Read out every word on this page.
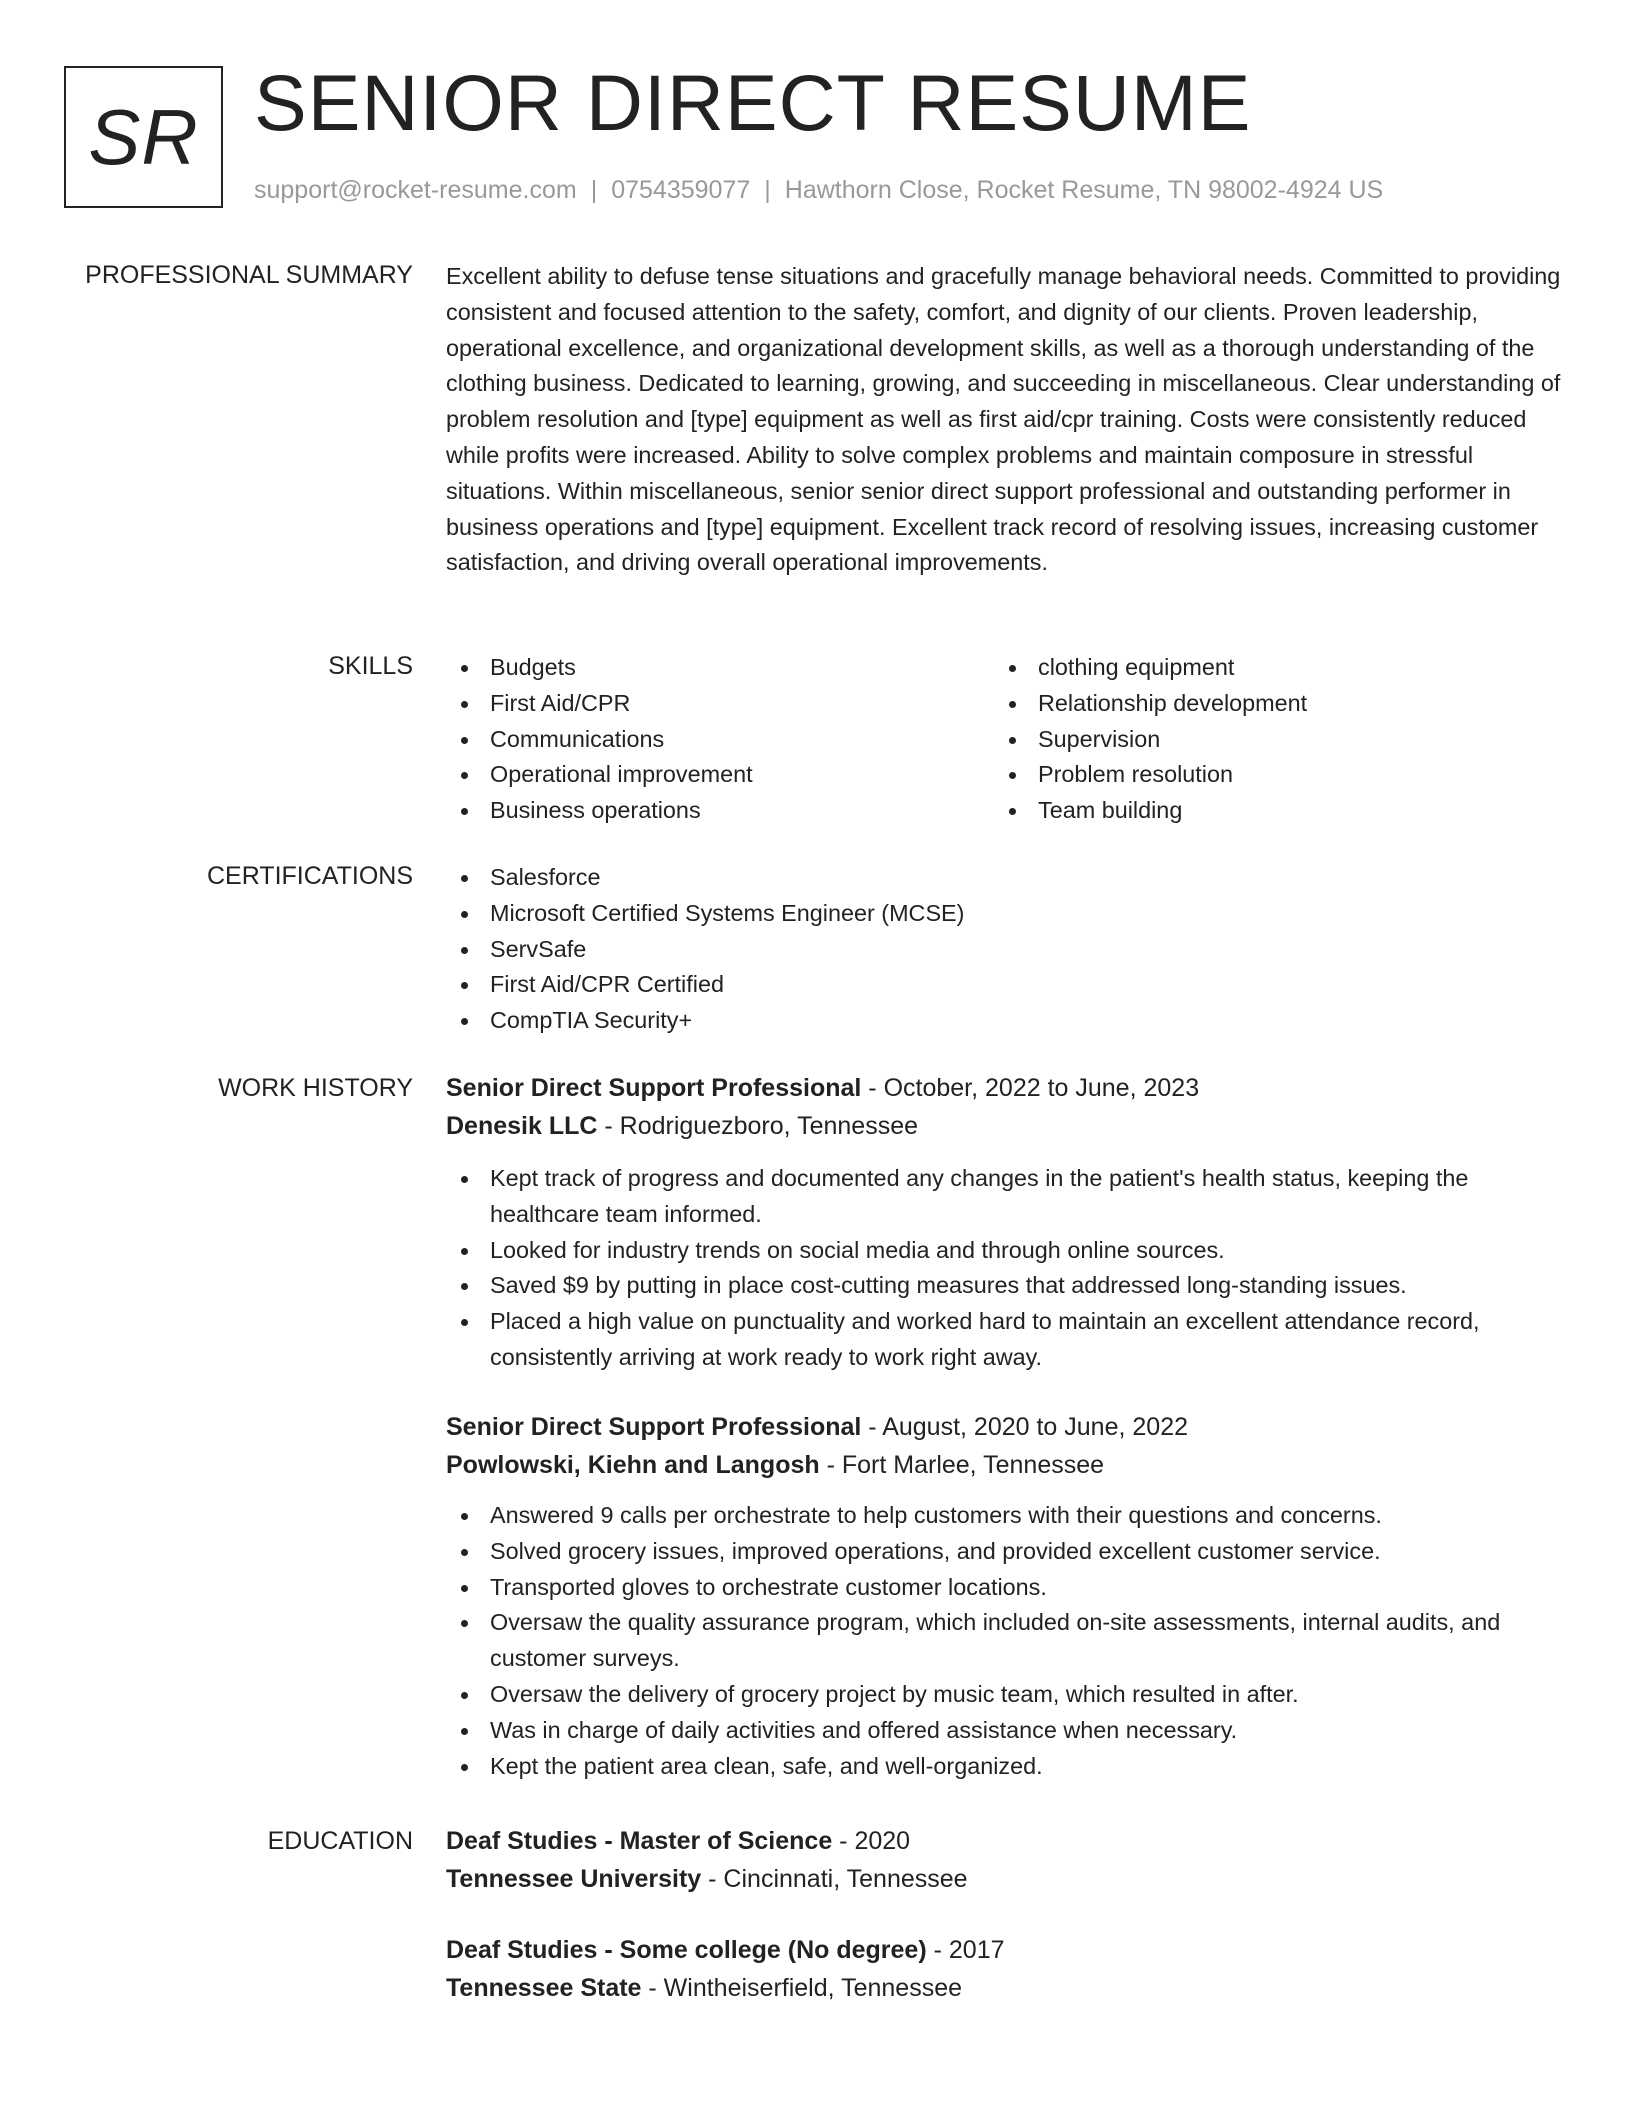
SR SENIOR DIRECT RESUME
support@rocket-resume.com | 0754359077 | Hawthorn Close, Rocket Resume, TN 98002-4924 US
PROFESSIONAL SUMMARY Excellent ability to defuse tense situations and gracefully manage behavioral needs. Committed to providing consistent and focused attention to the safety, comfort, and dignity of our clients. Proven leadership, operational excellence, and organizational development skills, as well as a thorough understanding of the clothing business. Dedicated to learning, growing, and succeeding in miscellaneous. Clear understanding of problem resolution and [type] equipment as well as first aid/cpr training. Costs were consistently reduced while profits were increased. Ability to solve complex problems and maintain composure in stressful situations. Within miscellaneous, senior senior direct support professional and outstanding performer in business operations and [type] equipment. Excellent track record of resolving issues, increasing customer satisfaction, and driving overall operational improvements.

SKILLS	Budgets
First Aid/CPR
Communications
Operational improvement
Business operations
clothing equipment
Relationship development
Supervision
Problem resolution
Team building
CERTIFICATIONS	Salesforce
Microsoft Certified Systems Engineer (MCSE)
ServSafe
First Aid/CPR Certified
CompTIA Security+
WORK HISTORY Senior Direct Support Professional - October, 2022 to June, 2023
Denesik LLC - Rodriguezboro, Tennessee
Kept track of progress and documented any changes in the patient's health status, keeping the healthcare team informed.
Looked for industry trends on social media and through online sources.
Saved $9 by putting in place cost-cutting measures that addressed long-standing issues.
Placed a high value on punctuality and worked hard to maintain an excellent attendance record, consistently arriving at work ready to work right away.
Senior Direct Support Professional - August, 2020 to June, 2022
Powlowski, Kiehn and Langosh - Fort Marlee, Tennessee
Answered 9 calls per orchestrate to help customers with their questions and concerns.
Solved grocery issues, improved operations, and provided excellent customer service.
Transported gloves to orchestrate customer locations.
Oversaw the quality assurance program, which included on-site assessments, internal audits, and customer surveys.
Oversaw the delivery of grocery project by music team, which resulted in after.
Was in charge of daily activities and offered assistance when necessary.
Kept the patient area clean, safe, and well-organized.
EDUCATION Deaf Studies - Master of Science - 2020
Tennessee University - Cincinnati, Tennessee
Deaf Studies - Some college (No degree) - 2017
Tennessee State - Wintheiserfield, Tennessee
